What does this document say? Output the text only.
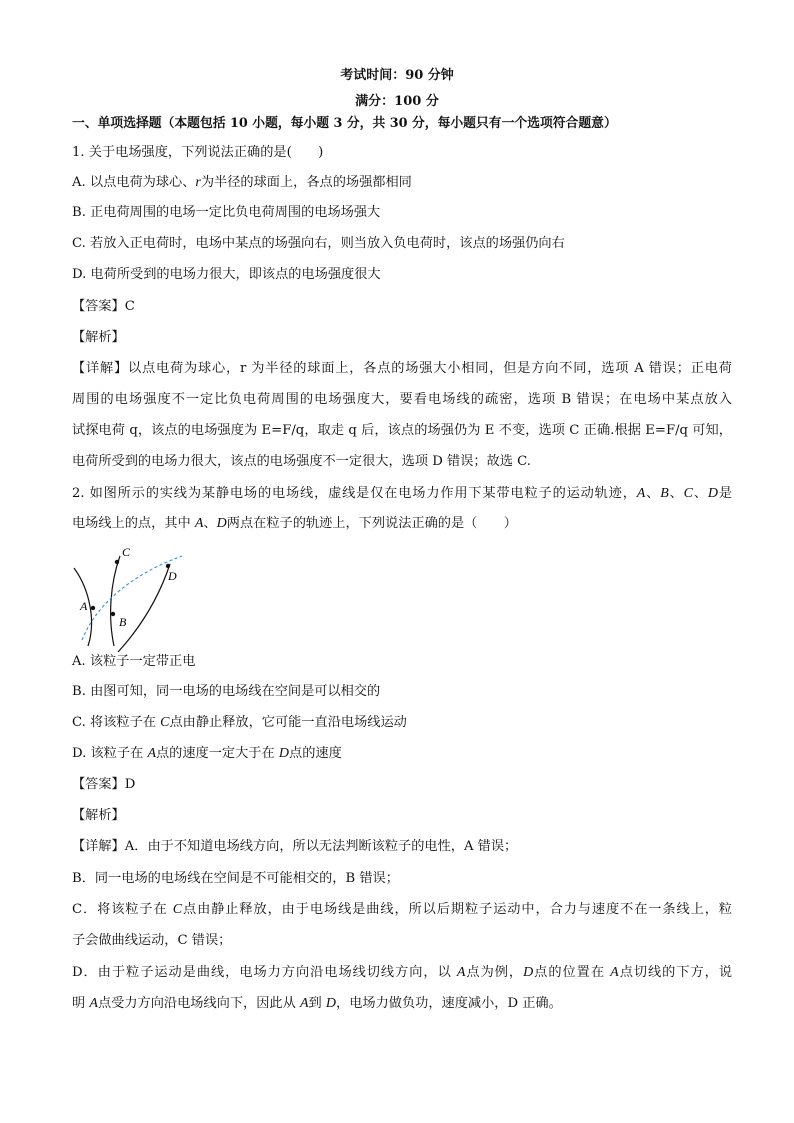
考试时间：90 分钟
满分：100 分
一、单项选择题（本题包括 10 小题，每小题 3 分，共 30 分，每小题只有一个选项符合题意）
1. 关于电场强度，下列说法正确的是(　　)
A. 以点电荷为球心、r为半径的球面上，各点的场强都相同
B. 正电荷周围的电场一定比负电荷周围的电场场强大
C. 若放入正电荷时，电场中某点的场强向右，则当放入负电荷时，该点的场强仍向右
D. 电荷所受到的电场力很大，即该点的电场强度很大
【答案】C
【解析】
【详解】以点电荷为球心，r 为半径的球面上，各点的场强大小相同，但是方向不同，选项 A 错误；正电荷
周围的电场强度不一定比负电荷周围的电场强度大，要看电场线的疏密，选项 B 错误；在电场中某点放入
试探电荷 q，该点的电场强度为 E=F/q，取走 q 后，该点的场强仍为 E 不变，选项 C 正确.根据 E=F/q 可知，
电荷所受到的电场力很大，该点的电场强度不一定很大，选项 D 错误；故选 C.
2. 如图所示的实线为某静电场的电场线，虚线是仅在电场力作用下某带电粒子的运动轨迹，A、B、C、D是
电场线上的点，其中 A、D两点在粒子的轨迹上，下列说法正确的是（　　）
A
C
B
D
A. 该粒子一定带正电
B. 由图可知，同一电场的电场线在空间是可以相交的
C. 将该粒子在 C点由静止释放，它可能一直沿电场线运动
D. 该粒子在 A点的速度一定大于在 D点的速度
【答案】D
【解析】
【详解】A．由于不知道电场线方向，所以无法判断该粒子的电性，A 错误；
B．同一电场的电场线在空间是不可能相交的，B 错误；
C．将该粒子在 C点由静止释放，由于电场线是曲线，所以后期粒子运动中，合力与速度不在一条线上，粒
子会做曲线运动，C 错误；
D．由于粒子运动是曲线，电场力方向沿电场线切线方向，以 A点为例，D点的位置在 A点切线的下方，说
明 A点受力方向沿电场线向下，因此从 A到 D，电场力做负功，速度减小，D 正确。
